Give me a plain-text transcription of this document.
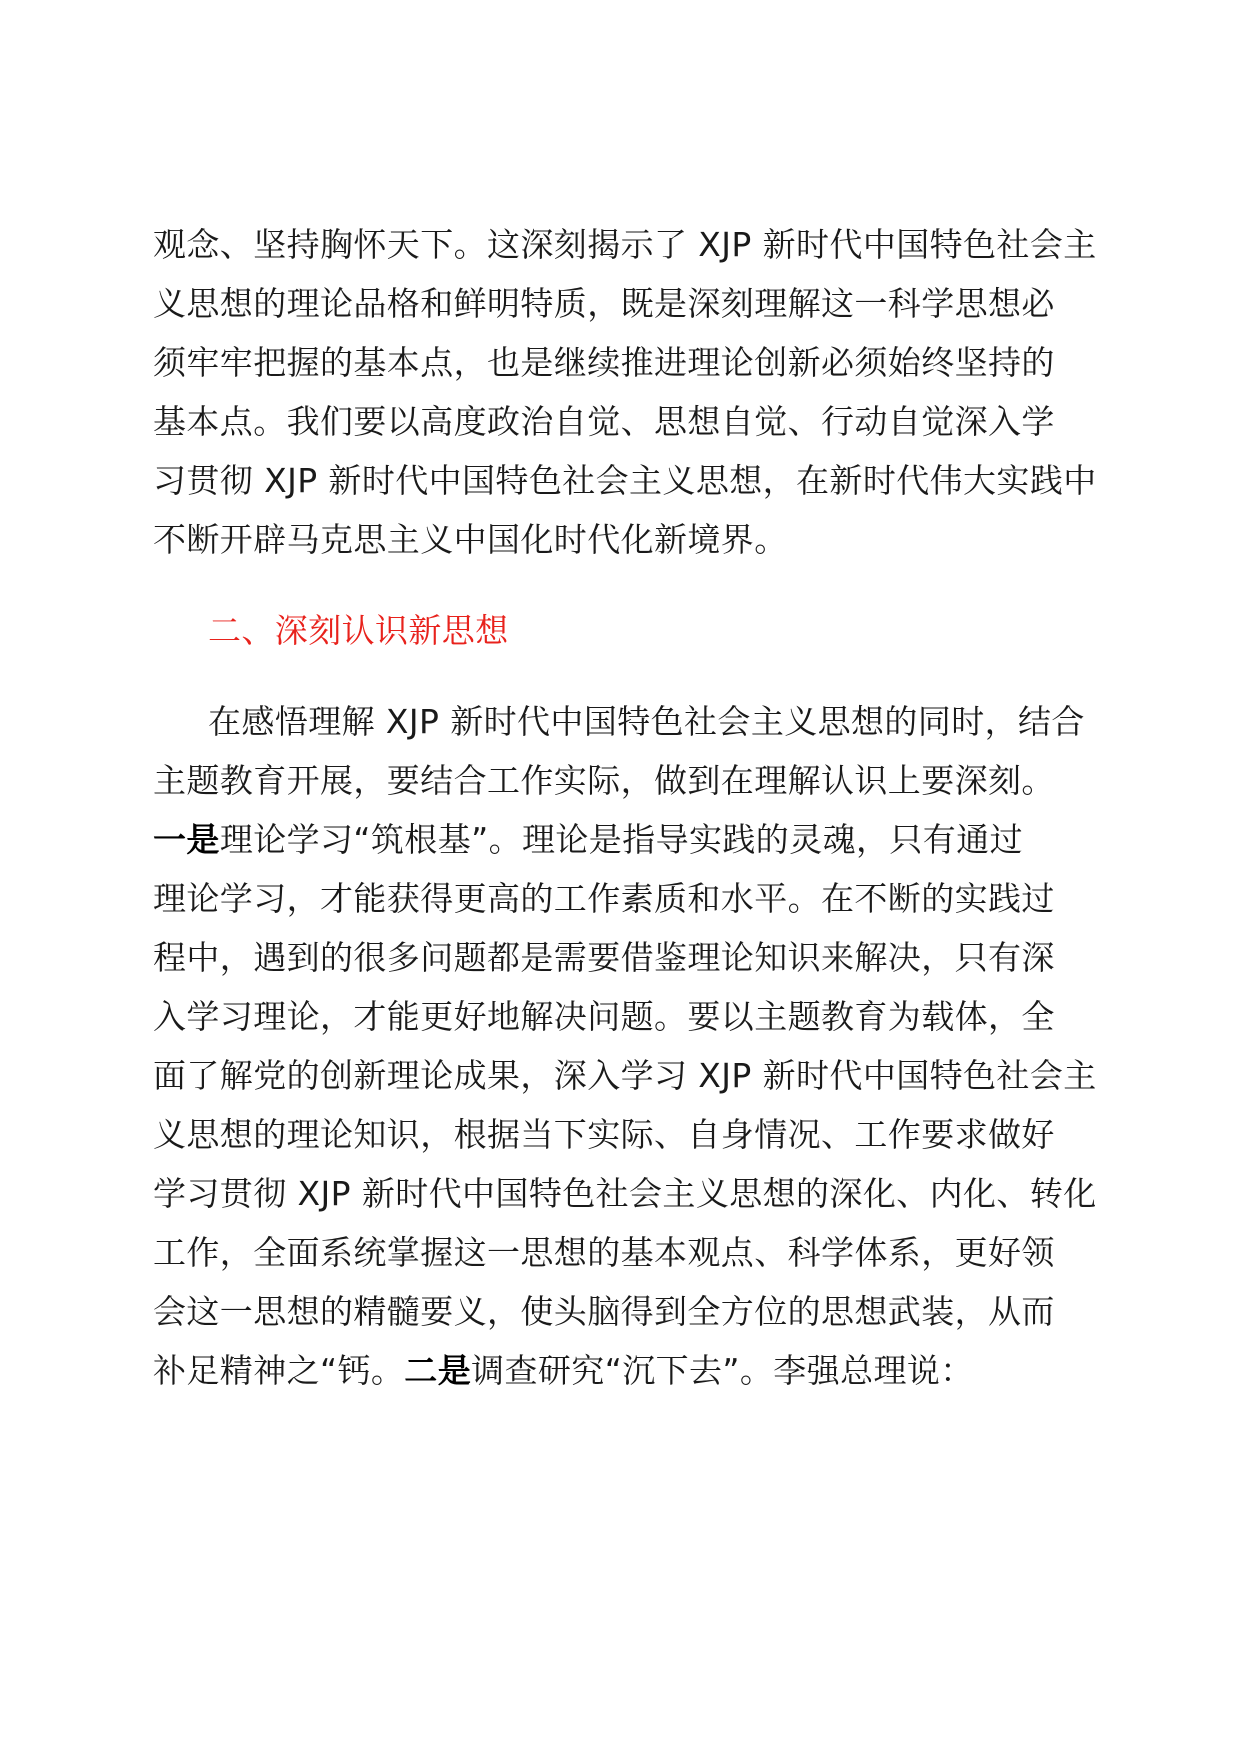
观念、坚持胸怀天下。这深刻揭示了 XJP 新时代中国特色社会主
义思想的理论品格和鲜明特质，既是深刻理解这一科学思想必
须牢牢把握的基本点，也是继续推进理论创新必须始终坚持的
基本点。我们要以高度政治自觉、思想自觉、行动自觉深入学
习贯彻 XJP 新时代中国特色社会主义思想，在新时代伟大实践中
不断开辟马克思主义中国化时代化新境界。
二、深刻认识新思想
在感悟理解 XJP 新时代中国特色社会主义思想的同时，结合
主题教育开展，要结合工作实际，做到在理解认识上要深刻。
一是理论学习“筑根基”。理论是指导实践的灵魂，只有通过
理论学习，才能获得更高的工作素质和水平。在不断的实践过
程中，遇到的很多问题都是需要借鉴理论知识来解决，只有深
入学习理论，才能更好地解决问题。要以主题教育为载体，全
面了解党的创新理论成果，深入学习 XJP 新时代中国特色社会主
义思想的理论知识，根据当下实际、自身情况、工作要求做好
学习贯彻 XJP 新时代中国特色社会主义思想的深化、内化、转化
工作，全面系统掌握这一思想的基本观点、科学体系，更好领
会这一思想的精髓要义，使头脑得到全方位的思想武装，从而
补足精神之“钙。二是调查研究“沉下去”。李强总理说：
